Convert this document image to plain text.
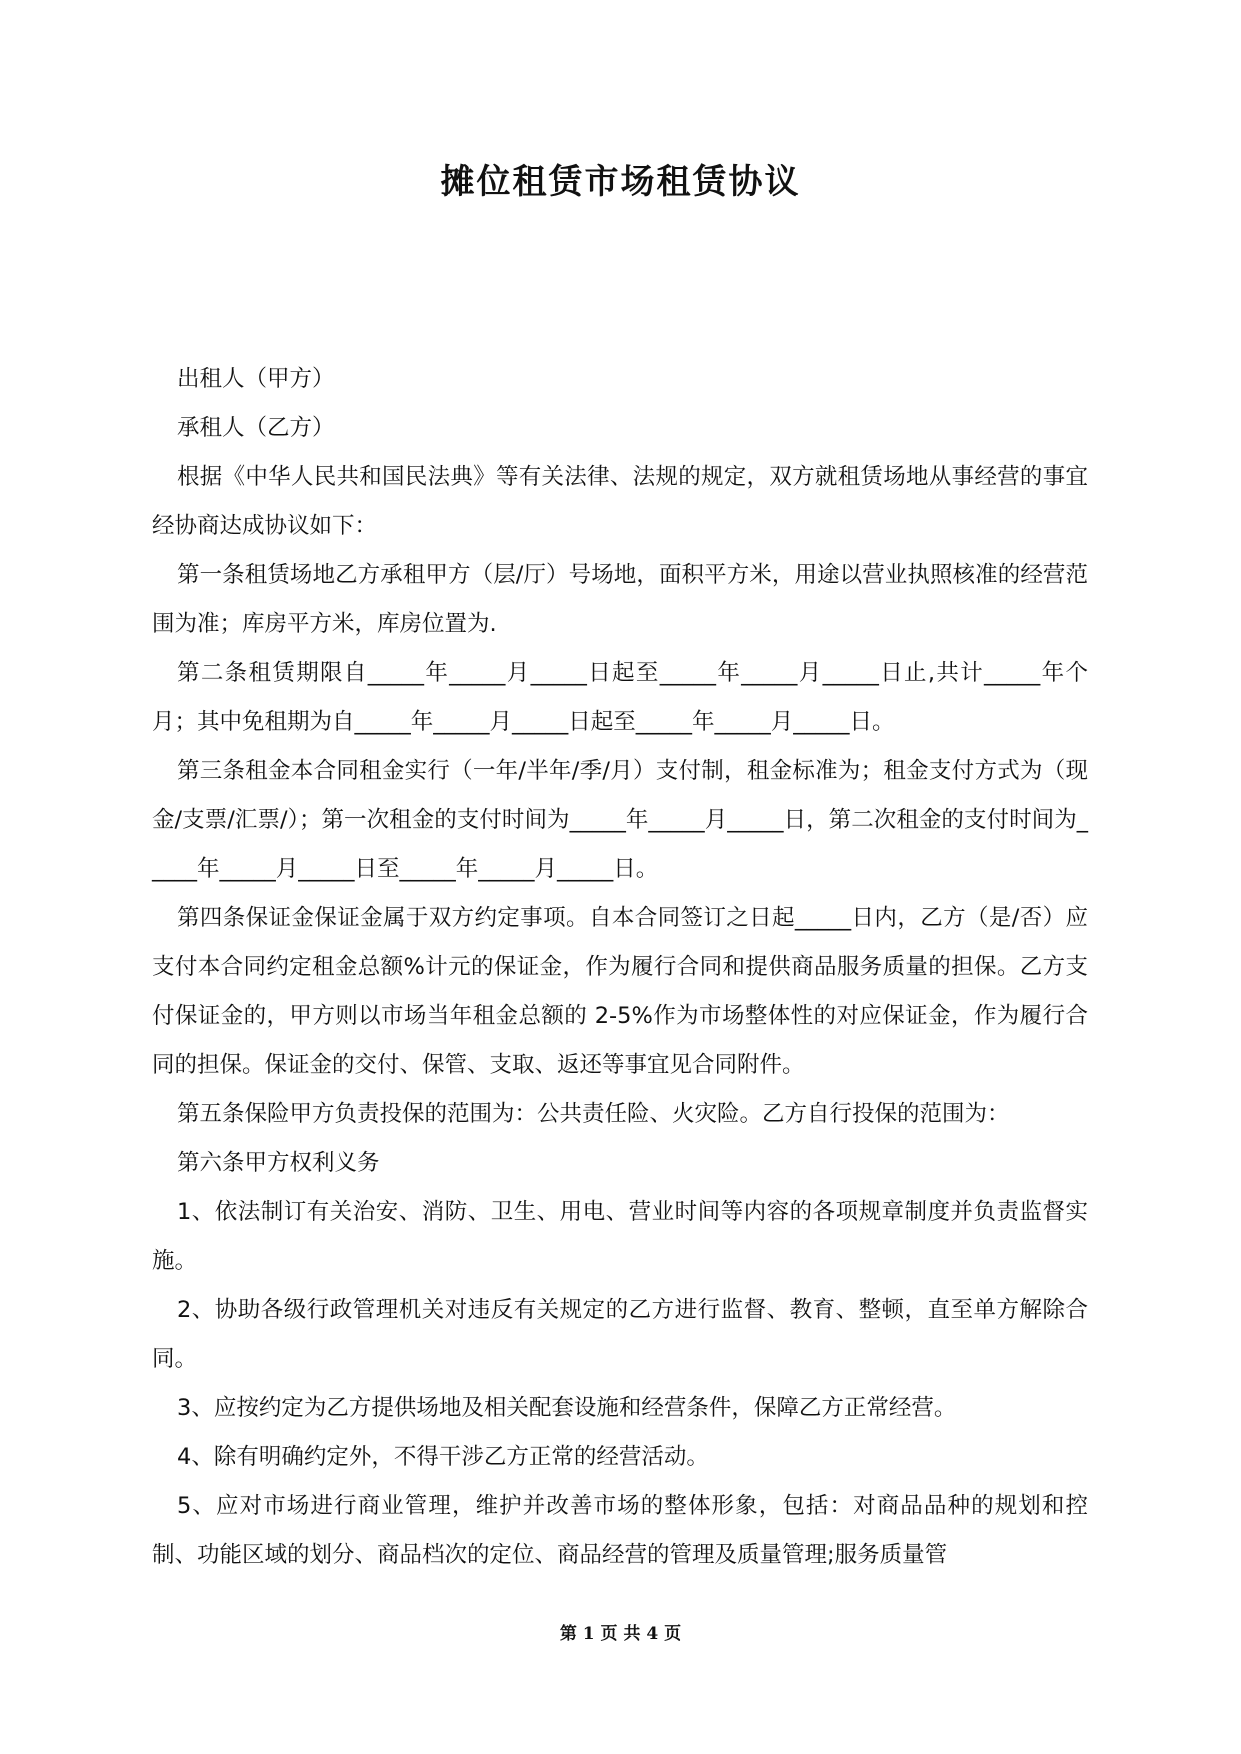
摊位租赁市场租赁协议

出租人（甲方）

承租人（乙方）

根据《中华人民共和国民法典》等有关法律、法规的规定，双方就租赁场地从事经营的事宜经协商达成协议如下：

第一条租赁场地乙方承租甲方（层/厅）号场地，面积平方米，用途以营业执照核准的经营范围为准；库房平方米，库房位置为.

第二条租赁期限自_____年_____月_____日起至_____年_____月_____日止,共计_____年个月；其中免租期为自_____年_____月_____日起至_____年_____月_____日。

第三条租金本合同租金实行（一年/半年/季/月）支付制，租金标准为；租金支付方式为（现金/支票/汇票/）；第一次租金的支付时间为_____年_____月_____日，第二次租金的支付时间为_____年_____月_____日至_____年_____月_____日。

第四条保证金保证金属于双方约定事项。自本合同签订之日起_____日内，乙方（是/否）应支付本合同约定租金总额%计元的保证金，作为履行合同和提供商品服务质量的担保。乙方支付保证金的，甲方则以市场当年租金总额的 2-5%作为市场整体性的对应保证金，作为履行合同的担保。保证金的交付、保管、支取、返还等事宜见合同附件。

第五条保险甲方负责投保的范围为：公共责任险、火灾险。乙方自行投保的范围为：

第六条甲方权利义务

1、依法制订有关治安、消防、卫生、用电、营业时间等内容的各项规章制度并负责监督实施。

2、协助各级行政管理机关对违反有关规定的乙方进行监督、教育、整顿，直至单方解除合同。

3、应按约定为乙方提供场地及相关配套设施和经营条件，保障乙方正常经营。

4、除有明确约定外，不得干涉乙方正常的经营活动。

5、应对市场进行商业管理，维护并改善市场的整体形象，包括：对商品品种的规划和控制、功能区域的划分、商品档次的定位、商品经营的管理及质量管理;服务质量管

第 1 页 共 4 页
